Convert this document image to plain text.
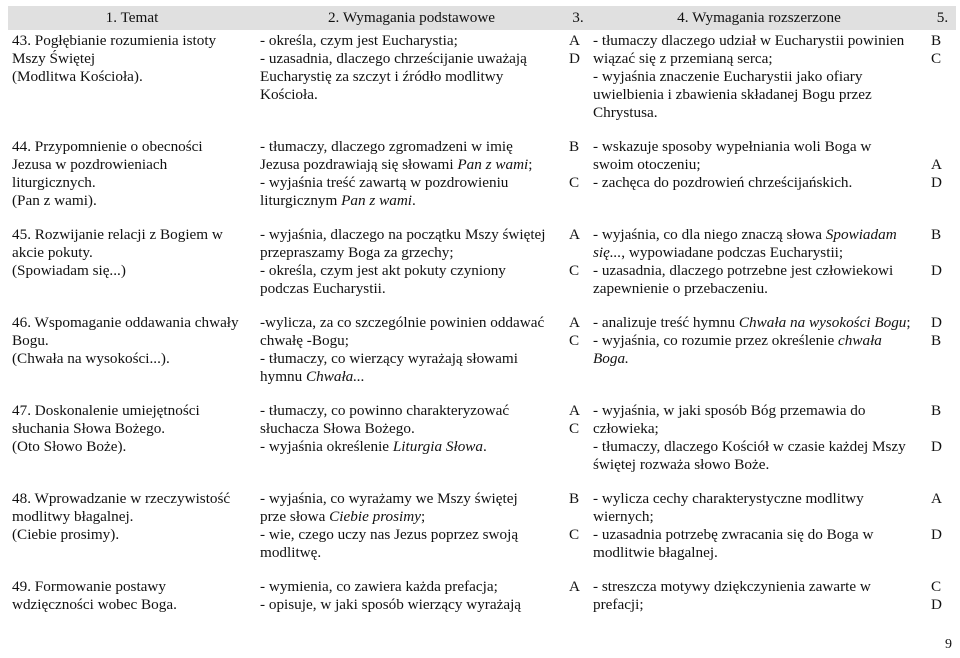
1. Temat	2. Wymagania podstawowe	3.	4. Wymagania rozszerzone	5.

43. Pogłębianie rozumienia istoty
Mszy Świętej
(Modlitwa Kościoła).	- określa, czym jest Eucharystia;
- uzasadnia, dlaczego chrześcijanie uważają
Eucharystię za szczyt i źródło modlitwy
Kościoła.	A
D	- tłumaczy dlaczego udział w Eucharystii powinien
wiązać się z przemianą serca;
- wyjaśnia znaczenie Eucharystii jako ofiary
uwielbienia i zbawienia składanej Bogu przez
Chrystusa.	B
C

44. Przypomnienie o obecności
Jezusa w pozdrowieniach
liturgicznych.
(Pan z wami).	- tłumaczy, dlaczego zgromadzeni w imię
Jezusa pozdrawiają się słowami Pan z wami;
- wyjaśnia treść zawartą w pozdrowieniu
liturgicznym Pan z wami.	B

C	- wskazuje sposoby wypełniania woli Boga w
swoim otoczeniu;
- zachęca do pozdrowień chrześcijańskich.	A
D

45. Rozwijanie relacji z Bogiem w
akcie pokuty.
(Spowiadam się...)	- wyjaśnia, dlaczego na początku Mszy świętej
przepraszamy Boga za grzechy;
- określa, czym jest akt pokuty czyniony
podczas Eucharystii.	A

C	- wyjaśnia, co dla niego znaczą słowa Spowiadam
się..., wypowiadane podczas Eucharystii;
- uzasadnia, dlaczego potrzebne jest człowiekowi
zapewnienie o przebaczeniu.	B

D

46. Wspomaganie oddawania chwały
Bogu.
(Chwała na wysokości...).	-wylicza, za co szczególnie powinien oddawać
chwałę -Bogu;
- tłumaczy, co wierzący wyrażają słowami
hymnu Chwała...	A
C	- analizuje treść hymnu Chwała na wysokości Bogu;
- wyjaśnia, co rozumie przez określenie chwała
Boga.	D
B

47. Doskonalenie umiejętności
słuchania Słowa Bożego.
(Oto Słowo Boże).	- tłumaczy, co powinno charakteryzować
słuchacza Słowa Bożego.
- wyjaśnia określenie Liturgia Słowa.	A
C	- wyjaśnia, w jaki sposób Bóg przemawia do
człowieka;
- tłumaczy, dlaczego Kościół w czasie każdej Mszy
świętej rozważa słowo Boże.	B

D

48. Wprowadzanie w rzeczywistość
modlitwy błagalnej.
(Ciebie prosimy).	- wyjaśnia, co wyrażamy we Mszy świętej
prze słowa Ciebie prosimy;
- wie, czego uczy nas Jezus poprzez swoją
modlitwę.	B

C	- wylicza cechy charakterystyczne modlitwy
wiernych;
- uzasadnia potrzebę zwracania się do Boga w
modlitwie błagalnej.	A

D

49. Formowanie postawy
wdzięczności wobec Boga.	- wymienia, co zawiera każda prefacja;
- opisuje, w jaki sposób wierzący wyrażają	A	- streszcza motywy dziękczynienia zawarte w
prefacji;	C
D
9
